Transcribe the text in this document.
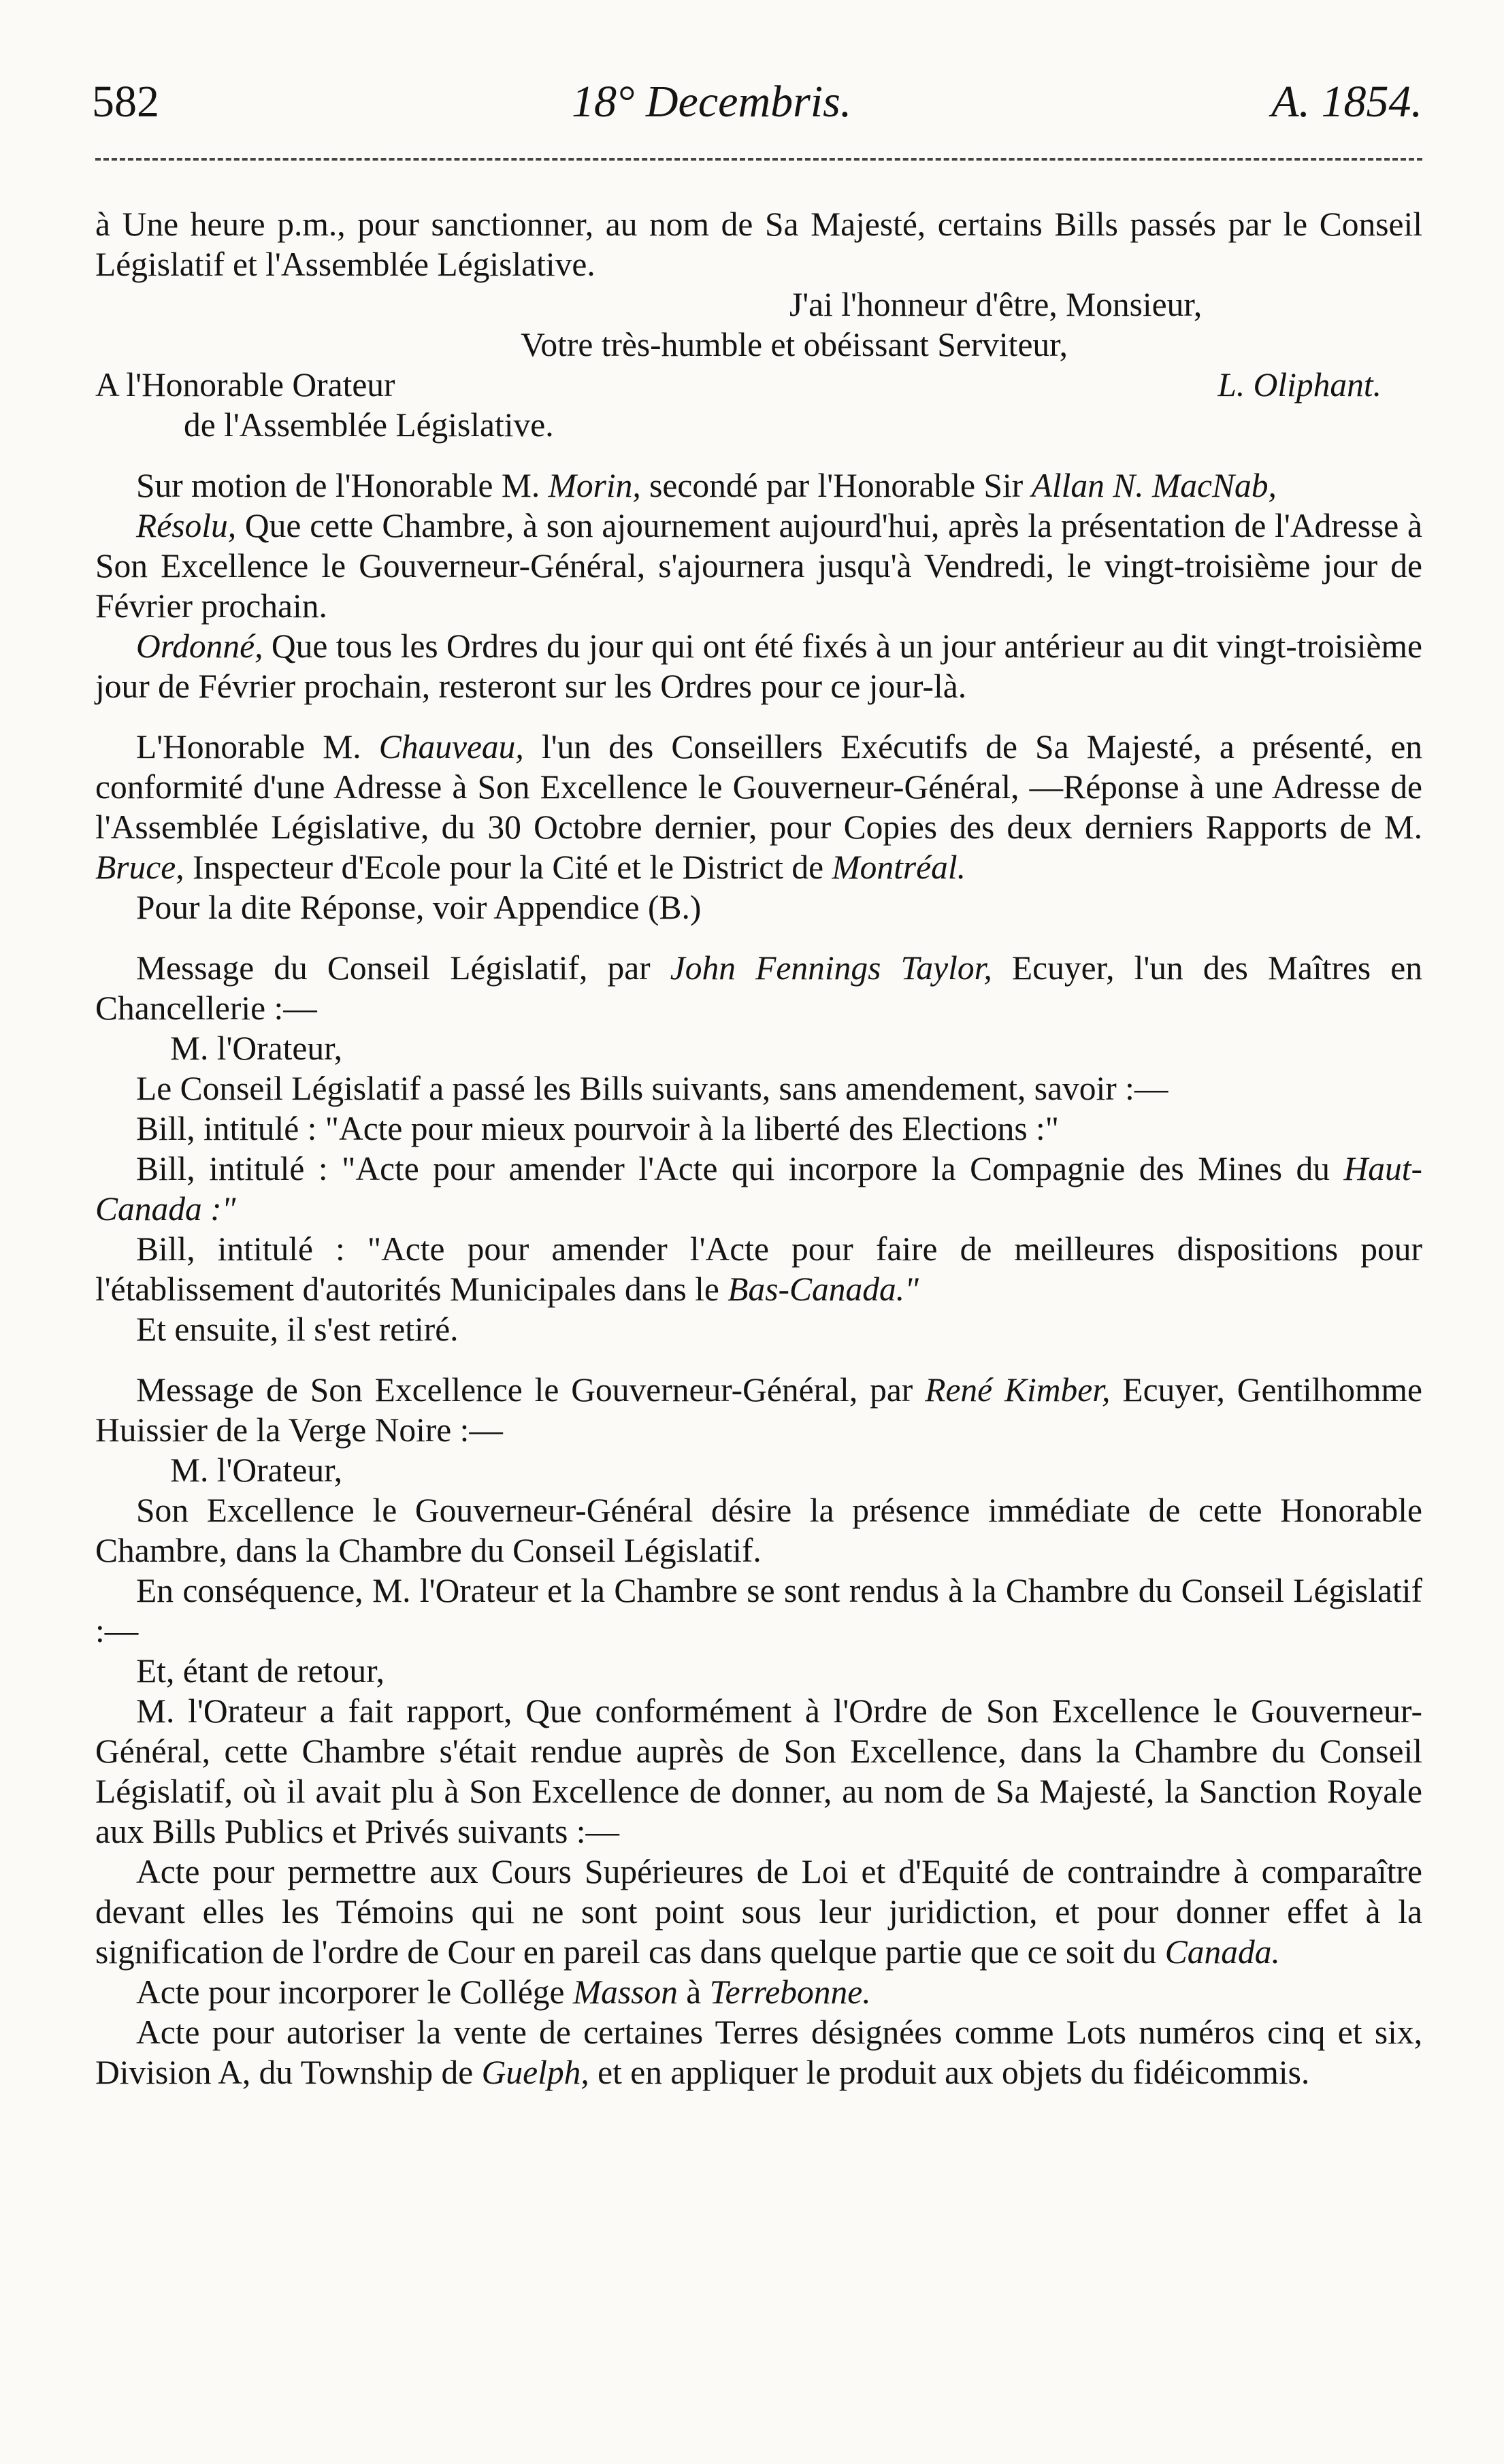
582	18° Decembris.	A. 1854.

à Une heure p.m., pour sanctionner, au nom de Sa Majesté, certains Bills passés par le Conseil Législatif et l'Assemblée Législative.

J'ai l'honneur d'être, Monsieur,
Votre très-humble et obéissant Serviteur,
A l'Honorable Orateur	L. Oliphant.

de l'Assemblée Législative.

Sur motion de l'Honorable M. Morin, secondé par l'Honorable Sir Allan N. MacNab,

Résolu, Que cette Chambre, à son ajournement aujourd'hui, après la présentation de l'Adresse à Son Excellence le Gouverneur-Général, s'ajournera jusqu'à Vendredi, le vingt-troisième jour de Février prochain.

Ordonné, Que tous les Ordres du jour qui ont été fixés à un jour antérieur au dit vingt-troisième jour de Février prochain, resteront sur les Ordres pour ce jour-là.

L'Honorable M. Chauveau, l'un des Conseillers Exécutifs de Sa Majesté, a présenté, en conformité d'une Adresse à Son Excellence le Gouverneur-Général, —Réponse à une Adresse de l'Assemblée Législative, du 30 Octobre dernier, pour Copies des deux derniers Rapports de M. Bruce, Inspecteur d'Ecole pour la Cité et le District de Montréal.

Pour la dite Réponse, voir Appendice (B.)

Message du Conseil Législatif, par John Fennings Taylor, Ecuyer, l'un des Maîtres en Chancellerie :—

M. l'Orateur,

Le Conseil Législatif a passé les Bills suivants, sans amendement, savoir :—

Bill, intitulé : "Acte pour mieux pourvoir à la liberté des Elections :"

Bill, intitulé : "Acte pour amender l'Acte qui incorpore la Compagnie des Mines du Haut-Canada :"

Bill, intitulé : "Acte pour amender l'Acte pour faire de meilleures dispositions pour l'établissement d'autorités Municipales dans le Bas-Canada."

Et ensuite, il s'est retiré.

Message de Son Excellence le Gouverneur-Général, par René Kimber, Ecuyer, Gentilhomme Huissier de la Verge Noire :—

M. l'Orateur,

Son Excellence le Gouverneur-Général désire la présence immédiate de cette Honorable Chambre, dans la Chambre du Conseil Législatif.

En conséquence, M. l'Orateur et la Chambre se sont rendus à la Chambre du Conseil Législatif :—

Et, étant de retour,

M. l'Orateur a fait rapport, Que conformément à l'Ordre de Son Excellence le Gouverneur-Général, cette Chambre s'était rendue auprès de Son Excellence, dans la Chambre du Conseil Législatif, où il avait plu à Son Excellence de donner, au nom de Sa Majesté, la Sanction Royale aux Bills Publics et Privés suivants :—

Acte pour permettre aux Cours Supérieures de Loi et d'Equité de contraindre à comparaître devant elles les Témoins qui ne sont point sous leur juridiction, et pour donner effet à la signification de l'ordre de Cour en pareil cas dans quelque partie que ce soit du Canada.

Acte pour incorporer le Collége Masson à Terrebonne.

Acte pour autoriser la vente de certaines Terres désignées comme Lots numéros cinq et six, Division A, du Township de Guelph, et en appliquer le produit aux objets du fidéicommis.
